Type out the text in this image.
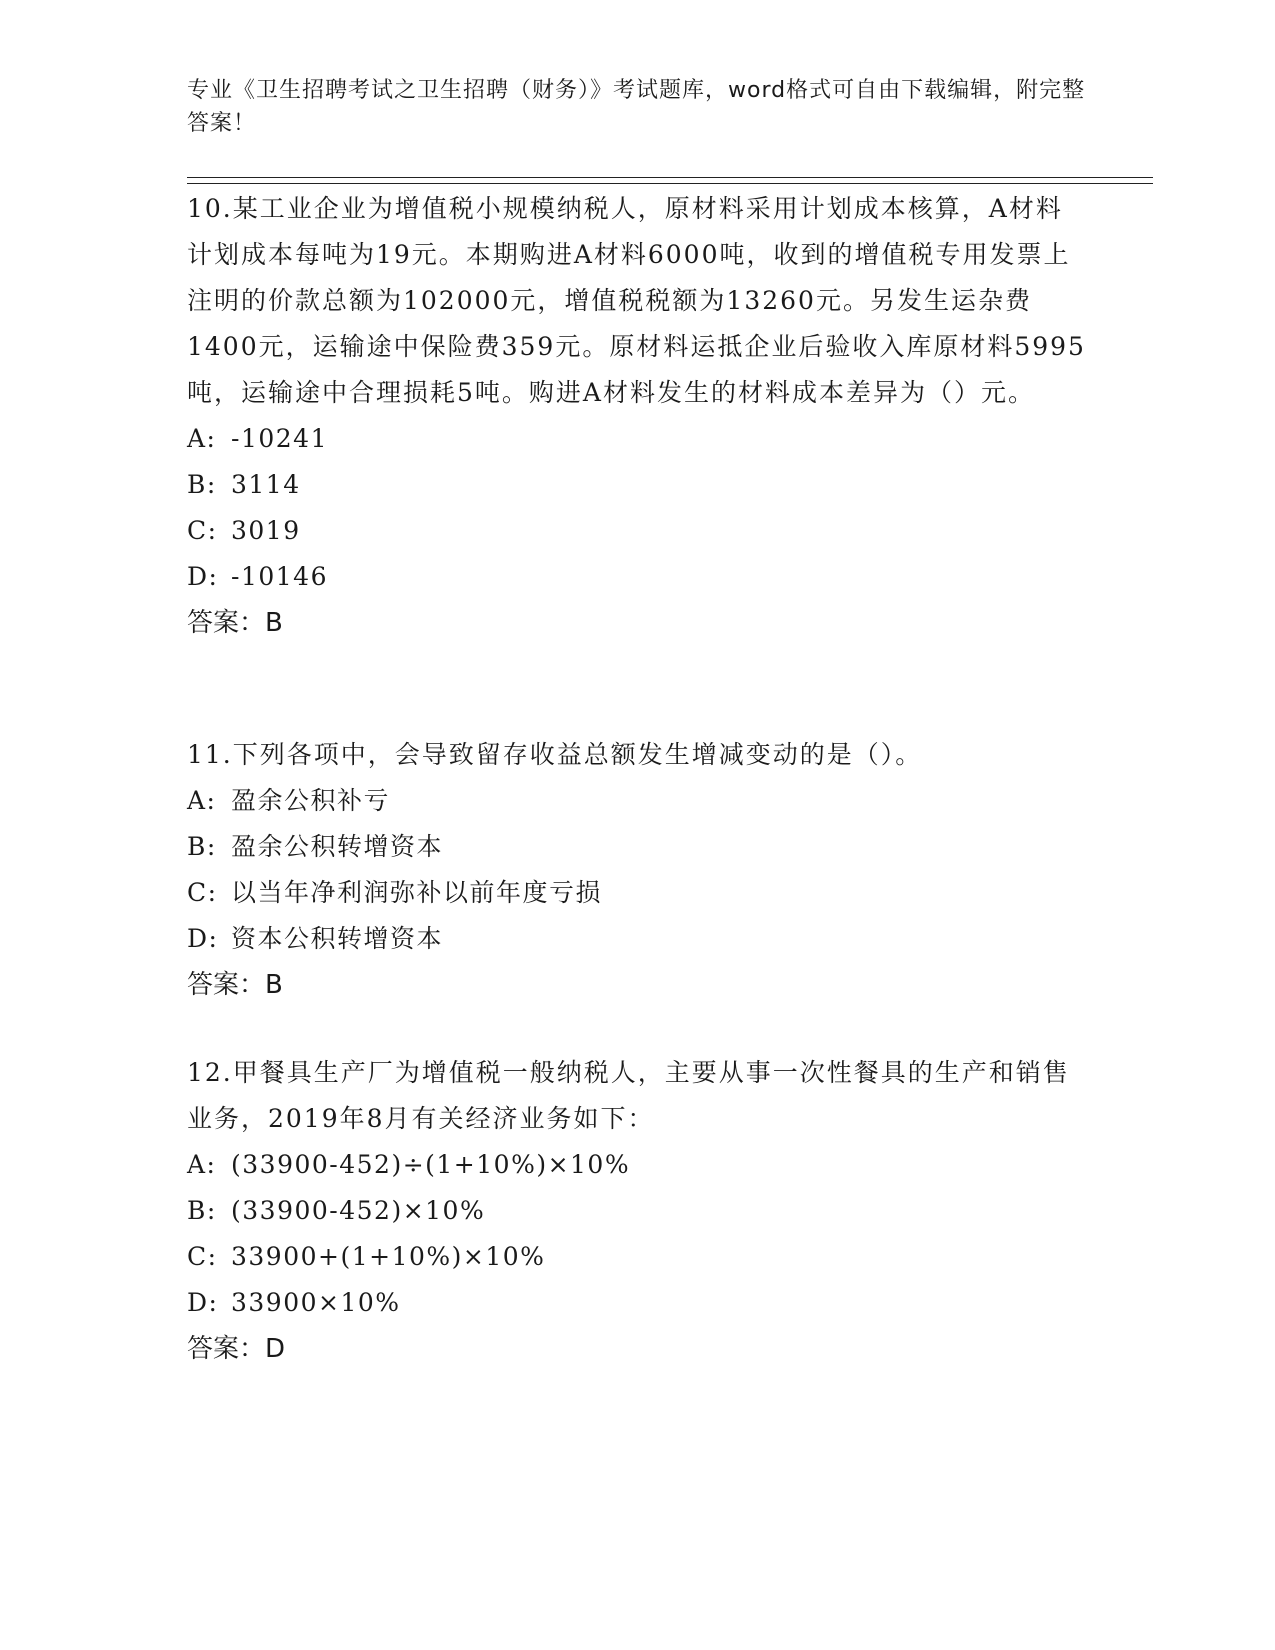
专业《卫生招聘考试之卫生招聘（财务）》考试题库，word格式可自由下载编辑，附完整答案！

10.某工业企业为增值税小规模纳税人，原材料采用计划成本核算，A材料计划成本每吨为19元。本期购进A材料6000吨，收到的增值税专用发票上注明的价款总额为102000元，增值税税额为13260元。另发生运杂费1400元，运输途中保险费359元。原材料运抵企业后验收入库原材料5995吨，运输途中合理损耗5吨。购进A材料发生的材料成本差异为（）元。

A: -10241

B: 3114

C: 3019

D: -10146

答案：B

11.下列各项中，会导致留存收益总额发生增减变动的是（）。

A: 盈余公积补亏

B: 盈余公积转增资本

C: 以当年净利润弥补以前年度亏损

D: 资本公积转增资本

答案：B

12.甲餐具生产厂为增值税一般纳税人，主要从事一次性餐具的生产和销售业务，2019年8月有关经济业务如下：

A: (33900-452)÷(1+10%)×10%

B: (33900-452)×10%

C: 33900+(1+10%)×10%

D: 33900×10%

答案：D
